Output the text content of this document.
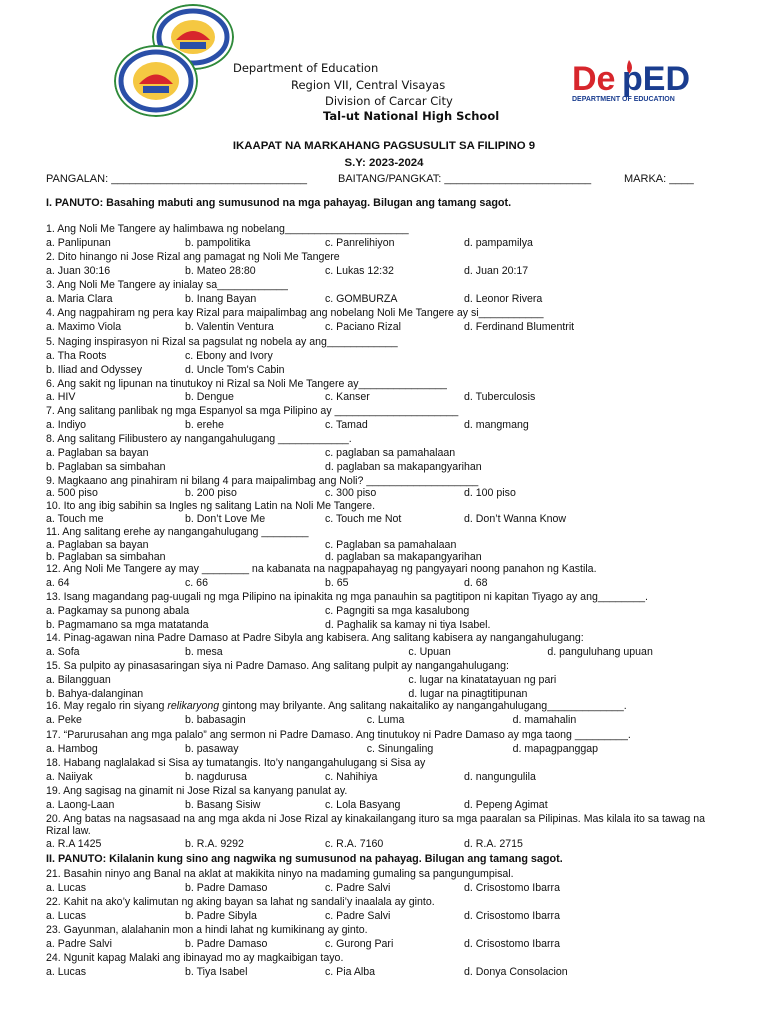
Department of Education
Region VII, Central Visayas
Division of Carcar City
Tal-ut National High School
De pED
DEPARTMENT OF EDUCATION
IKAAPAT NA MARKAHANG PAGSUSULIT SA FILIPINO 9
S.Y: 2023-2024
PANGALAN: ________________________________	BAITANG/PANGKAT: ________________________	MARKA: ____
I. PANUTO: Basahing mabuti ang sumusunod na mga pahayag. Bilugan ang tamang sagot.
1. Ang Noli Me Tangere ay halimbawa ng nobelang_____________________
a. Panlipunan	b. pampolitika	c. Panrelihiyon	d. pampamilya
2. Dito hinango ni Jose Rizal ang pamagat ng Noli Me Tangere
a. Juan 30:16	b. Mateo 28:80	c. Lukas 12:32	d. Juan 20:17
3. Ang Noli Me Tangere ay inialay sa____________
a. Maria Clara	b. Inang Bayan	c. GOMBURZA	d. Leonor Rivera
4. Ang nagpahiram ng pera kay Rizal para maipalimbag ang nobelang Noli Me Tangere ay si___________
a. Maximo Viola	b. Valentin Ventura	c. Paciano Rizal	d. Ferdinand Blumentrit
5. Naging inspirasyon ni Rizal sa pagsulat ng nobela ay ang____________
a. Tha Roots	c. Ebony and Ivory
b. Iliad and Odyssey	d. Uncle Tom's Cabin
6. Ang sakit ng lipunan na tinutukoy ni Rizal sa Noli Me Tangere ay_______________
a. HIV	b. Dengue	c. Kanser	d. Tuberculosis
7. Ang salitang panlibak ng mga Espanyol sa mga Pilipino ay _____________________
a. Indiyo	b. erehe	c. Tamad	d. mangmang
8. Ang salitang Filibustero ay nangangahulugang ____________.
a. Paglaban sa bayan	c. paglaban sa pamahalaan
b. Paglaban sa simbahan	d. paglaban sa makapangyarihan
9. Magkaano ang pinahiram ni bilang 4 para maipalimbag ang Noli? ___________________
a. 500 piso	b. 200 piso	c. 300 piso	d. 100 piso
10. Ito ang ibig sabihin sa Ingles ng salitang Latin na Noli Me Tangere.
a. Touch me	b. Don’t Love Me	c. Touch me Not	d. Don’t Wanna Know
11. Ang salitang erehe ay nangangahulugang ________
a. Paglaban sa bayan	c. Paglaban sa pamahalaan
b. Paglaban sa simbahan	d. paglaban sa makapangyarihan
12. Ang Noli Me Tangere ay may ________ na kabanata na nagpapahayag ng pangyayari noong panahon ng Kastila.
a. 64	c. 66	b. 65	d. 68
13. Isang magandang pag-uugali ng mga Pilipino na ipinakita ng mga panauhin sa pagtitipon ni kapitan Tiyago ay ang________.
a. Pagkamay sa punong abala	c. Pagngiti sa mga kasalubong
b. Pagmamano sa mga matatanda	d. Paghalik sa kamay ni tiya Isabel.
14. Pinag-agawan nina Padre Damaso at Padre Sibyla ang kabisera. Ang salitang kabisera ay nangangahulugang:
a. Sofa	b. mesa	c. Upuan	d. panguluhang upuan
15. Sa pulpito ay pinasasaringan siya ni Padre Damaso. Ang salitang pulpit ay nangangahulugang:
a. Bilangguan	c. lugar na kinatatayuan ng pari
b. Bahya-dalanginan	d. lugar na pinagtitipunan
16. May regalo rin siyang relikaryong gintong may brilyante. Ang salitang nakaitaliko ay nangangahulugang_____________.
a. Peke	b. babasagin	c. Luma	d. mamahalin
17. “Parurusahan ang mga palalo” ang sermon ni Padre Damaso. Ang tinutukoy ni Padre Damaso ay mga taong _________.
a. Hambog	b. pasaway	c. Sinungaling	d. mapagpanggap
18. Habang naglalakad si Sisa ay tumatangis. Ito’y nangangahulugang si Sisa ay
a. Naiiyak	b. nagdurusa	c. Nahihiya	d. nangungulila
19. Ang sagisag na ginamit ni Jose Rizal sa kanyang panulat ay.
a. Laong-Laan	b. Basang Sisiw	c. Lola Basyang	d. Pepeng Agimat
20. Ang batas na nagsasaad na ang mga akda ni Jose Rizal ay kinakailangang ituro sa mga paaralan sa Pilipinas. Mas kilala ito sa tawag na Rizal law.
a. R.A 1425	b. R.A. 9292	c. R.A. 7160	d. R.A. 2715
21. Basahin ninyo ang Banal na aklat at makikita ninyo na madaming gumaling sa pangungumpisal.
a. Lucas	b. Padre Damaso	c. Padre Salvi	d. Crisostomo Ibarra
22. Kahit na ako’y kalimutan ng aking bayan sa lahat ng sandali’y inaalala ay ginto.
a. Lucas	b. Padre Sibyla	c. Padre Salvi	d. Crisostomo Ibarra
23. Gayunman, alalahanin mon a hindi lahat ng kumikinang ay ginto.
a. Padre Salvi	b. Padre Damaso	c. Gurong Pari	d. Crisostomo Ibarra
24. Ngunit kapag Malaki ang ibinayad mo ay magkaibigan tayo.
a. Lucas	b. Tiya Isabel	c. Pia Alba	d. Donya Consolacion
II. PANUTO: Kilalanin kung sino ang nagwika ng sumusunod na pahayag. Bilugan ang tamang sagot.
